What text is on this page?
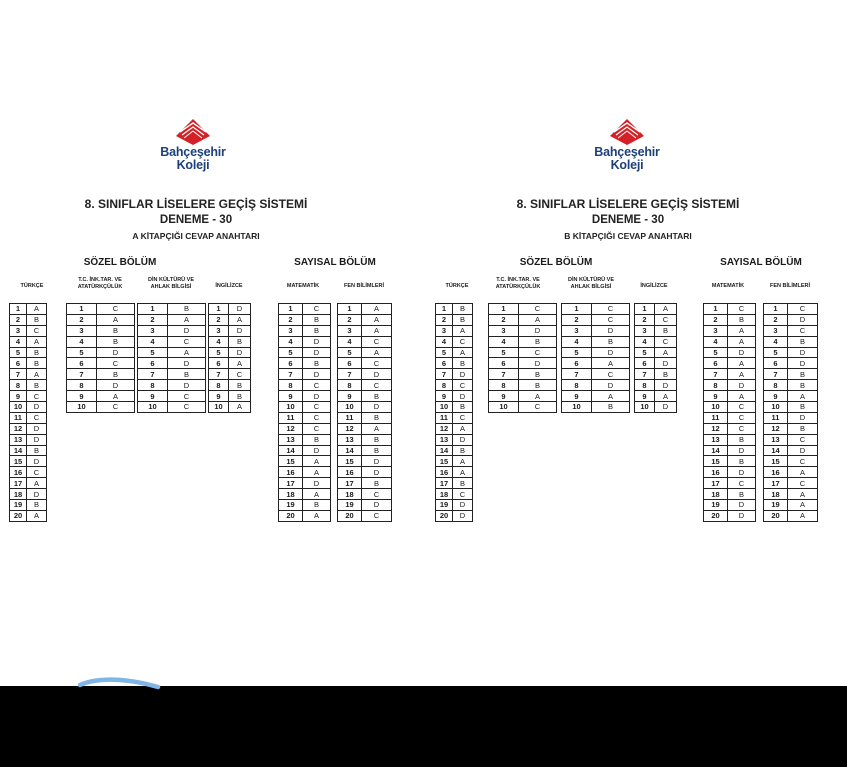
Bahçeşehir
Koleji
8. SINIFLAR LİSELERE GEÇİŞ SİSTEMİ
DENEME - 30
A KİTAPÇIĞI CEVAP ANAHTARI
SÖZEL BÖLÜM	SAYISAL BÖLÜM
TÜRKÇE
T.C. İNK.TAR. VE
ATATÜRKÇÜLÜK
DİN KÜLTÜRÜ VE
AHLAK BİLGİSİ	İNGİLİZCE	MATEMATİK	FEN BİLİMLERİ
1	A
2	B
3	C
4	A
5	B
6	B
7	A
8	B
9	C
10	D
11	C
12	D
13	D
14	B
15	D
16	C
17	A
18	D
19	B
20	A
1	C
2	A
3	B
4	B
5	D
6	C
7	B
8	D
9	A
10	C
1	B
2	A
3	D
4	C
5	A
6	D
7	B
8	D
9	C
10	C
1	D
2	A
3	D
4	B
5	D
6	A
7	C
8	B
9	B
10	A
1	C
2	B
3	B
4	D
5	D
6	B
7	D
8	C
9	D
10	C
11	C
12	C
13	B
14	D
15	A
16	A
17	D
18	A
19	B
20	A
1	A
2	A
3	A
4	C
5	A
6	C
7	D
8	C
9	B
10	D
11	B
12	A
13	B
14	B
15	D
16	D
17	B
18	C
19	D
20	C
Bahçeşehir
Koleji
8. SINIFLAR LİSELERE GEÇİŞ SİSTEMİ
DENEME - 30
B KİTAPÇIĞI CEVAP ANAHTARI
SÖZEL BÖLÜM	SAYISAL BÖLÜM
TÜRKÇE
T.C. İNK.TAR. VE
ATATÜRKÇÜLÜK
DİN KÜLTÜRÜ VE
AHLAK BİLGİSİ	İNGİLİZCE	MATEMATİK	FEN BİLİMLERİ
1	B
2	B
3	A
4	C
5	A
6	B
7	D
8	C
9	D
10	B
11	C
12	A
13	D
14	B
15	A
16	A
17	B
18	C
19	D
20	D
1	C
2	A
3	D
4	B
5	C
6	D
7	B
8	B
9	A
10	C
1	C
2	C
3	D
4	B
5	D
6	A
7	C
8	D
9	A
10	B
1	A
2	C
3	B
4	C
5	A
6	D
7	B
8	D
9	A
10	D
1	C
2	B
3	A
4	A
5	D
6	A
7	A
8	D
9	A
10	C
11	C
12	C
13	B
14	D
15	B
16	D
17	C
18	B
19	D
20	D
1	C
2	D
3	C
4	B
5	D
6	D
7	B
8	B
9	A
10	B
11	D
12	B
13	C
14	D
15	C
16	A
17	C
18	A
19	A
20	A
